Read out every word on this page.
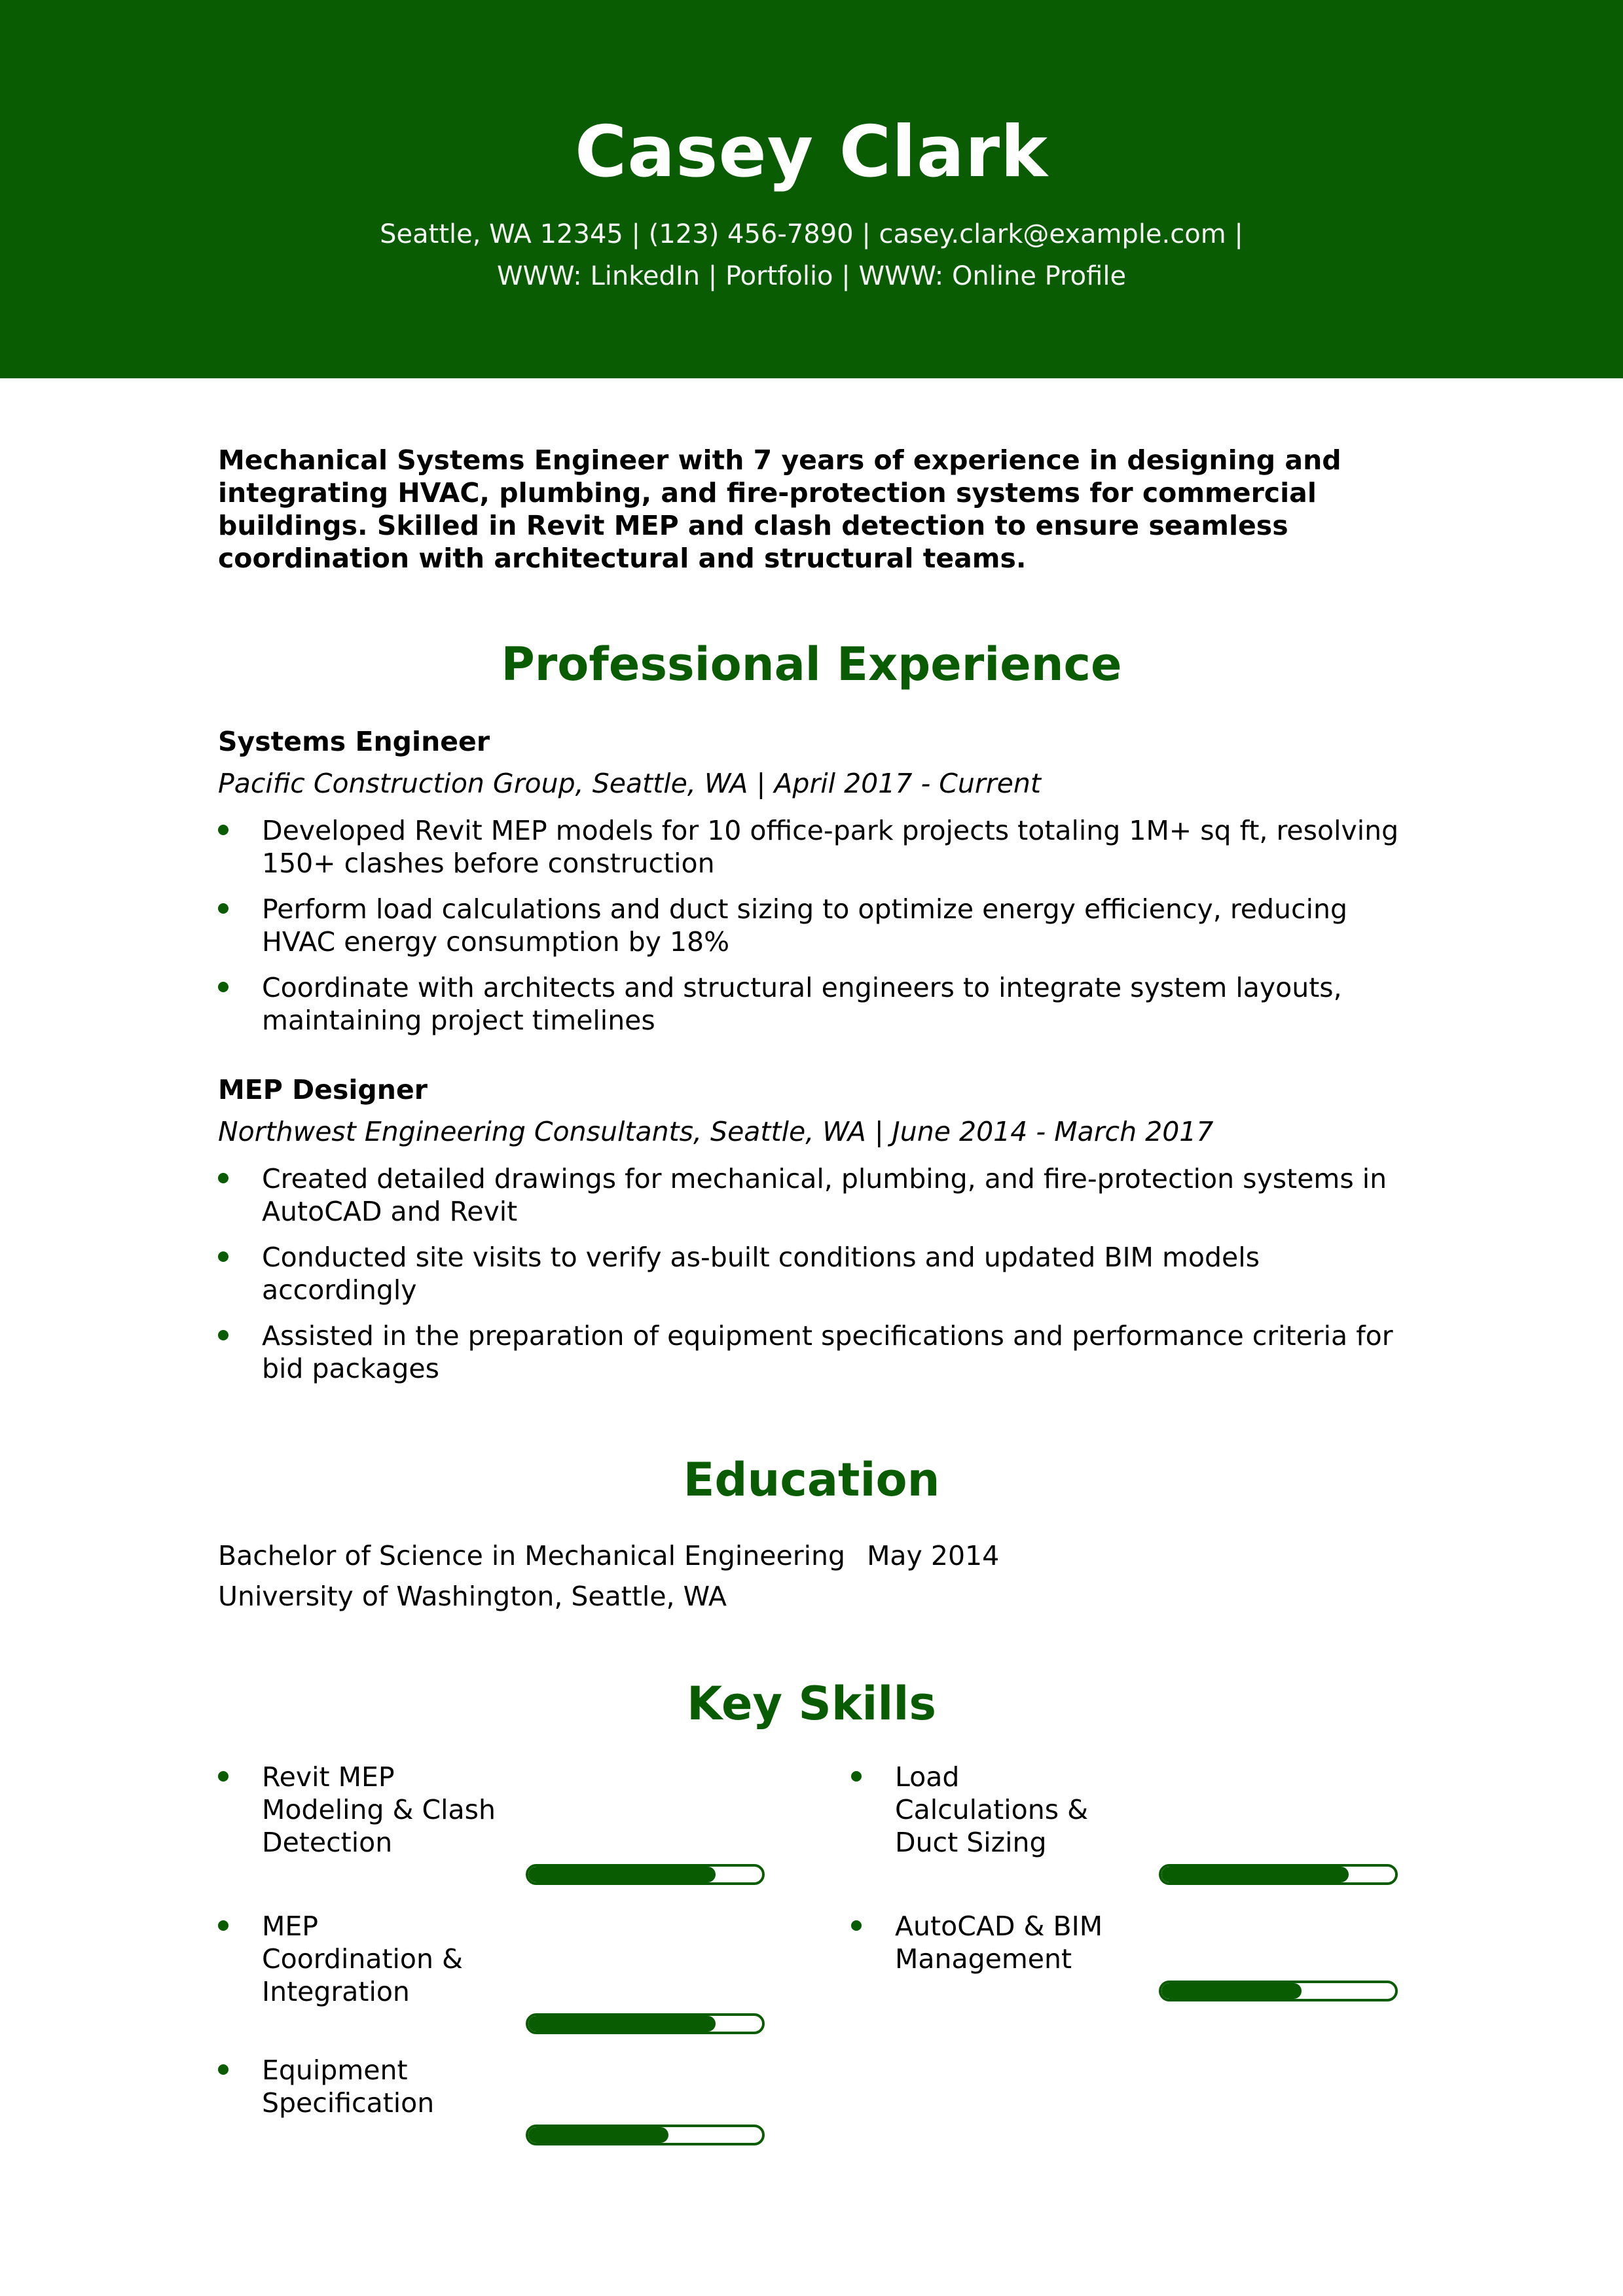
Casey Clark
Seattle, WA 12345 | (123) 456-7890 | casey.clark@example.com |
WWW: LinkedIn | Portfolio | WWW: Online Profile
Mechanical Systems Engineer with 7 years of experience in designing and integrating HVAC, plumbing, and fire-protection systems for commercial buildings. Skilled in Revit MEP and clash detection to ensure seamless coordination with architectural and structural teams.
Professional Experience
Systems Engineer
Pacific Construction Group, Seattle, WA | April 2017 - Current
Developed Revit MEP models for 10 office-park projects totaling 1M+ sq ft, resolving 150+ clashes before construction
Perform load calculations and duct sizing to optimize energy efficiency, reducing HVAC energy consumption by 18%
Coordinate with architects and structural engineers to integrate system layouts, maintaining project timelines
MEP Designer
Northwest Engineering Consultants, Seattle, WA | June 2014 - March 2017
Created detailed drawings for mechanical, plumbing, and fire-protection systems in AutoCAD and Revit
Conducted site visits to verify as-built conditions and updated BIM models accordingly
Assisted in the preparation of equipment specifications and performance criteria for bid packages
Education
Bachelor of Science in Mechanical Engineering May 2014
University of Washington, Seattle, WA
Key Skills
Revit MEP Modeling & Clash Detection
Load Calculations & Duct Sizing
MEP Coordination & Integration
AutoCAD & BIM Management
Equipment Specification
